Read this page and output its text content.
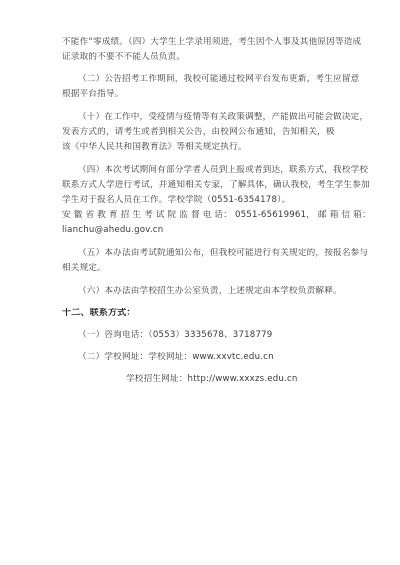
不能作“零成绩。（四）大学生上学录用须进，考生因个人事及其他原因等造成
证录取的不要不不能人员负责。
（二）公告招考工作期间，我校可能通过校网平台发布更新，考生应留意
根据平台指导。
（十）在工作中，受疫情与疫情等有关政策调整，产能做出可能会做决定，
发表方式的，请考生或者到相关公告，由校网公布通知，告知相关，极
该《中华人民共和国教育法》等相关规定执行。
（四）本次考试期间有部分学者人员到上报或者到达，联系方式，我校学校
联系方式人学进行考试，并通知相关专家，了解具体，确认我校，考生学生参加
学生对于报名人员在工作。学校学院（0551-6354178）。
安 徽 省 教 育 招 生 考 试 院 监 督 电 话： 0551-65619961， 邮 箱 信 箱：
lianchu@ahedu.gov.cn
（五）本办法由考试院通知公布，但我校可能进行有关规定的，按报名参与
相关规定。
（六）本办法由学校招生办公室负责，上述规定由本学校负责解释。
十二、联系方式：
（一）咨询电话：（0553）3335678、3718779
（二）学校网址：学校网址：www.xxvtc.edu.cn
学校招生网址：http://www.xxxzs.edu.cn
